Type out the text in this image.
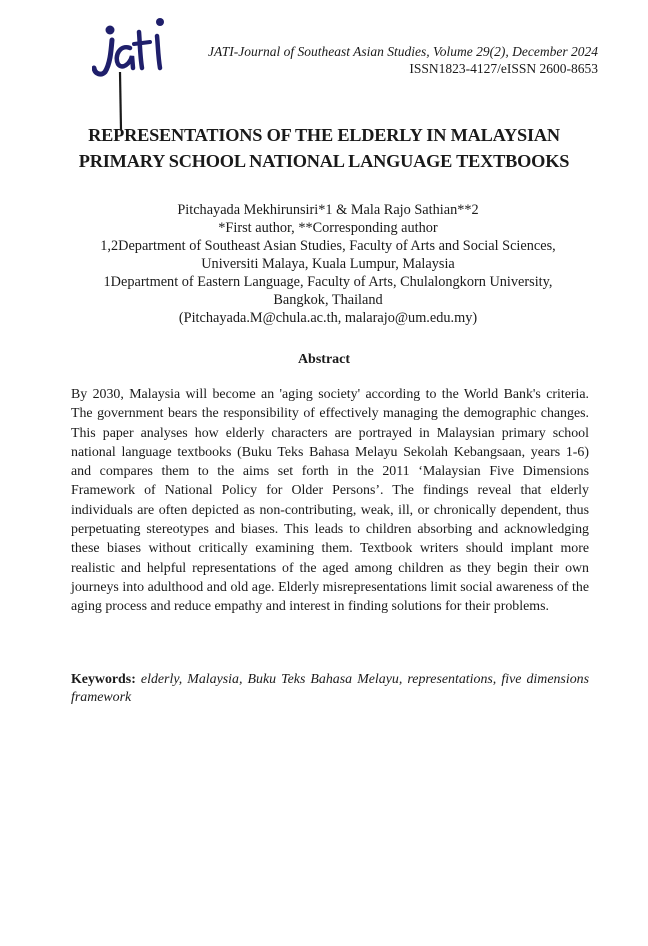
JATI-Journal of Southeast Asian Studies, Volume 29(2), December 2024
ISSN1823-4127/eISSN 2600-8653
REPRESENTATIONS OF THE ELDERLY IN MALAYSIAN
PRIMARY SCHOOL NATIONAL LANGUAGE TEXTBOOKS
Pitchayada Mekhirunsiri*1 & Mala Rajo Sathian**2
*First author, **Corresponding author
1,2Department of Southeast Asian Studies, Faculty of Arts and Social Sciences,
Universiti Malaya, Kuala Lumpur, Malaysia
1Department of Eastern Language, Faculty of Arts, Chulalongkorn University,
Bangkok, Thailand
(Pitchayada.M@chula.ac.th, malarajo@um.edu.my)
Abstract
By 2030, Malaysia will become an 'aging society' according to the World Bank's criteria. The government bears the responsibility of effectively managing the demographic changes. This paper analyses how elderly characters are portrayed in Malaysian primary school national language textbooks (Buku Teks Bahasa Melayu Sekolah Kebangsaan, years 1-6) and compares them to the aims set forth in the 2011 ‘Malaysian Five Dimensions Framework of National Policy for Older Persons’. The findings reveal that elderly individuals are often depicted as non-contributing, weak, ill, or chronically dependent, thus perpetuating stereotypes and biases. This leads to children absorbing and acknowledging these biases without critically examining them. Textbook writers should implant more realistic and helpful representations of the aged among children as they begin their own journeys into adulthood and old age. Elderly misrepresentations limit social awareness of the aging process and reduce empathy and interest in finding solutions for their problems.
Keywords: elderly, Malaysia, Buku Teks Bahasa Melayu, representations, five dimensions framework
